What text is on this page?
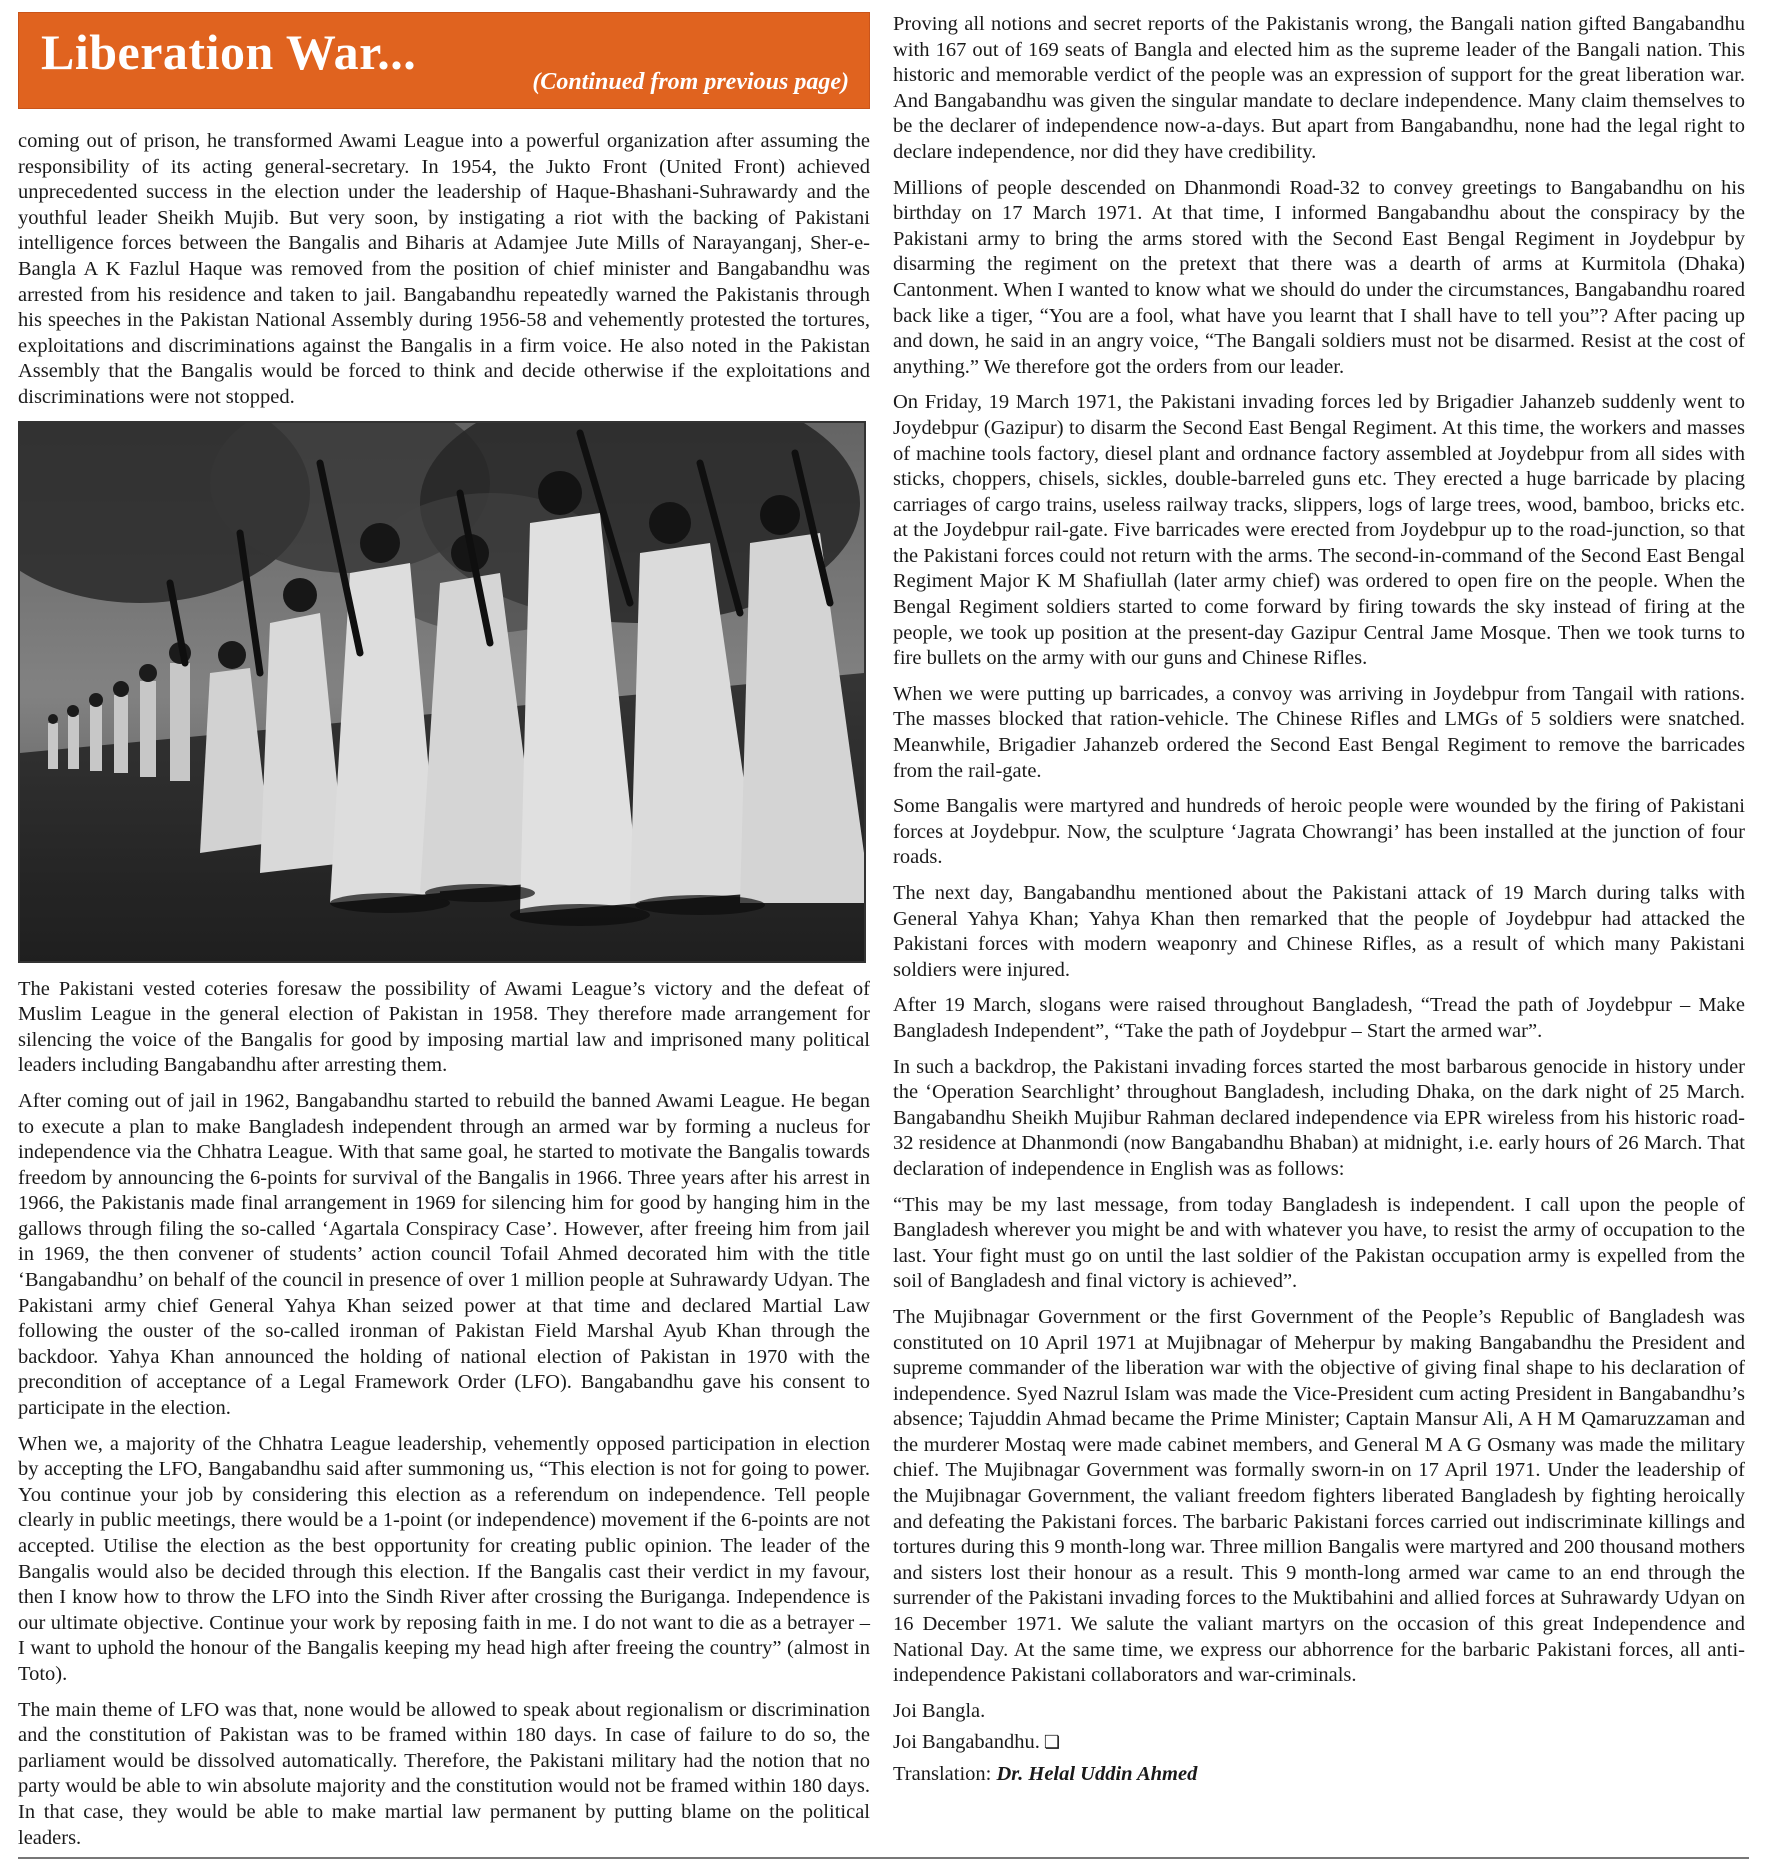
Liberation War...
(Continued from previous page)

coming out of prison, he transformed Awami League into a powerful organization after assuming the responsibility of its acting general-secretary. In 1954, the Jukto Front (United Front) achieved unprecedented success in the election under the leadership of Haque-Bhashani-Suhrawardy and the youthful leader Sheikh Mujib. But very soon, by instigating a riot with the backing of Pakistani intelligence forces between the Bangalis and Biharis at Adamjee Jute Mills of Narayanganj, Sher-e-Bangla A K Fazlul Haque was removed from the position of chief minister and Bangabandhu was arrested from his residence and taken to jail. Bangabandhu repeatedly warned the Pakistanis through his speeches in the Pakistan National Assembly during 1956-58 and vehemently protested the tortures, exploitations and discriminations against the Bangalis in a firm voice. He also noted in the Pakistan Assembly that the Bangalis would be forced to think and decide otherwise if the exploitations and discriminations were not stopped.

The Pakistani vested coteries foresaw the possibility of Awami League’s victory and the defeat of Muslim League in the general election of Pakistan in 1958. They therefore made arrangement for silencing the voice of the Bangalis for good by imposing martial law and imprisoned many political leaders including Bangabandhu after arresting them.

After coming out of jail in 1962, Bangabandhu started to rebuild the banned Awami League. He began to execute a plan to make Bangladesh independent through an armed war by forming a nucleus for independence via the Chhatra League. With that same goal, he started to motivate the Bangalis towards freedom by announcing the 6-points for survival of the Bangalis in 1966. Three years after his arrest in 1966, the Pakistanis made final arrangement in 1969 for silencing him for good by hanging him in the gallows through filing the so-called ‘Agartala Conspiracy Case’. However, after freeing him from jail in 1969, the then convener of students’ action council Tofail Ahmed decorated him with the title ‘Bangabandhu’ on behalf of the council in presence of over 1 million people at Suhrawardy Udyan. The Pakistani army chief General Yahya Khan seized power at that time and declared Martial Law following the ouster of the so-called ironman of Pakistan Field Marshal Ayub Khan through the backdoor. Yahya Khan announced the holding of national election of Pakistan in 1970 with the precondition of acceptance of a Legal Framework Order (LFO). Bangabandhu gave his consent to participate in the election.

When we, a majority of the Chhatra League leadership, vehemently opposed participation in election by accepting the LFO, Bangabandhu said after summoning us, “This election is not for going to power. You continue your job by considering this election as a referendum on independence. Tell people clearly in public meetings, there would be a 1-point (or independence) movement if the 6-points are not accepted. Utilise the election as the best opportunity for creating public opinion. The leader of the Bangalis would also be decided through this election. If the Bangalis cast their verdict in my favour, then I know how to throw the LFO into the Sindh River after crossing the Buriganga. Independence is our ultimate objective. Continue your work by reposing faith in me. I do not want to die as a betrayer – I want to uphold the honour of the Bangalis keeping my head high after freeing the country” (almost in Toto).

The main theme of LFO was that, none would be allowed to speak about regionalism or discrimination and the constitution of Pakistan was to be framed within 180 days. In case of failure to do so, the parliament would be dissolved automatically. Therefore, the Pakistani military had the notion that no party would be able to win absolute majority and the constitution would not be framed within 180 days. In that case, they would be able to make martial law permanent by putting blame on the political leaders.

Proving all notions and secret reports of the Pakistanis wrong, the Bangali nation gifted Bangabandhu with 167 out of 169 seats of Bangla and elected him as the supreme leader of the Bangali nation. This historic and memorable verdict of the people was an expression of support for the great liberation war. And Bangabandhu was given the singular mandate to declare independence. Many claim themselves to be the declarer of independence now-a-days. But apart from Bangabandhu, none had the legal right to declare independence, nor did they have credibility.

Millions of people descended on Dhanmondi Road-32 to convey greetings to Bangabandhu on his birthday on 17 March 1971. At that time, I informed Bangabandhu about the conspiracy by the Pakistani army to bring the arms stored with the Second East Bengal Regiment in Joydebpur by disarming the regiment on the pretext that there was a dearth of arms at Kurmitola (Dhaka) Cantonment. When I wanted to know what we should do under the circumstances, Bangabandhu roared back like a tiger, “You are a fool, what have you learnt that I shall have to tell you”? After pacing up and down, he said in an angry voice, “The Bangali soldiers must not be disarmed. Resist at the cost of anything.” We therefore got the orders from our leader.

On Friday, 19 March 1971, the Pakistani invading forces led by Brigadier Jahanzeb suddenly went to Joydebpur (Gazipur) to disarm the Second East Bengal Regiment. At this time, the workers and masses of machine tools factory, diesel plant and ordnance factory assembled at Joydebpur from all sides with sticks, choppers, chisels, sickles, double-barreled guns etc. They erected a huge barricade by placing carriages of cargo trains, useless railway tracks, slippers, logs of large trees, wood, bamboo, bricks etc. at the Joydebpur rail-gate. Five barricades were erected from Joydebpur up to the road-junction, so that the Pakistani forces could not return with the arms. The second-in-command of the Second East Bengal Regiment Major K M Shafiullah (later army chief) was ordered to open fire on the people. When the Bengal Regiment soldiers started to come forward by firing towards the sky instead of firing at the people, we took up position at the present-day Gazipur Central Jame Mosque. Then we took turns to fire bullets on the army with our guns and Chinese Rifles.

When we were putting up barricades, a convoy was arriving in Joydebpur from Tangail with rations. The masses blocked that ration-vehicle. The Chinese Rifles and LMGs of 5 soldiers were snatched. Meanwhile, Brigadier Jahanzeb ordered the Second East Bengal Regiment to remove the barricades from the rail-gate.

Some Bangalis were martyred and hundreds of heroic people were wounded by the firing of Pakistani forces at Joydebpur. Now, the sculpture ‘Jagrata Chowrangi’ has been installed at the junction of four roads.

The next day, Bangabandhu mentioned about the Pakistani attack of 19 March during talks with General Yahya Khan; Yahya Khan then remarked that the people of Joydebpur had attacked the Pakistani forces with modern weaponry and Chinese Rifles, as a result of which many Pakistani soldiers were injured.

After 19 March, slogans were raised throughout Bangladesh, “Tread the path of Joydebpur – Make Bangladesh Independent”, “Take the path of Joydebpur – Start the armed war”.

In such a backdrop, the Pakistani invading forces started the most barbarous genocide in history under the ‘Operation Searchlight’ throughout Bangladesh, including Dhaka, on the dark night of 25 March. Bangabandhu Sheikh Mujibur Rahman declared independence via EPR wireless from his historic road-32 residence at Dhanmondi (now Bangabandhu Bhaban) at midnight, i.e. early hours of 26 March. That declaration of independence in English was as follows:

“This may be my last message, from today Bangladesh is independent. I call upon the people of Bangladesh wherever you might be and with whatever you have, to resist the army of occupation to the last. Your fight must go on until the last soldier of the Pakistan occupation army is expelled from the soil of Bangladesh and final victory is achieved”.

The Mujibnagar Government or the first Government of the People’s Republic of Bangladesh was constituted on 10 April 1971 at Mujibnagar of Meherpur by making Bangabandhu the President and supreme commander of the liberation war with the objective of giving final shape to his declaration of independence. Syed Nazrul Islam was made the Vice-President cum acting President in Bangabandhu’s absence; Tajuddin Ahmad became the Prime Minister; Captain Mansur Ali, A H M Qamaruzzaman and the murderer Mostaq were made cabinet members, and General M A G Osmany was made the military chief. The Mujibnagar Government was formally sworn-in on 17 April 1971. Under the leadership of the Mujibnagar Government, the valiant freedom fighters liberated Bangladesh by fighting heroically and defeating the Pakistani forces. The barbaric Pakistani forces carried out indiscriminate killings and tortures during this 9 month-long war. Three million Bangalis were martyred and 200 thousand mothers and sisters lost their honour as a result. This 9 month-long armed war came to an end through the surrender of the Pakistani invading forces to the Muktibahini and allied forces at Suhrawardy Udyan on 16 December 1971. We salute the valiant martyrs on the occasion of this great Independence and National Day. At the same time, we express our abhorrence for the barbaric Pakistani forces, all anti-independence Pakistani collaborators and war-criminals.

Joi Bangla.

Joi Bangabandhu. ❏

Translation: Dr. Helal Uddin Ahmed
